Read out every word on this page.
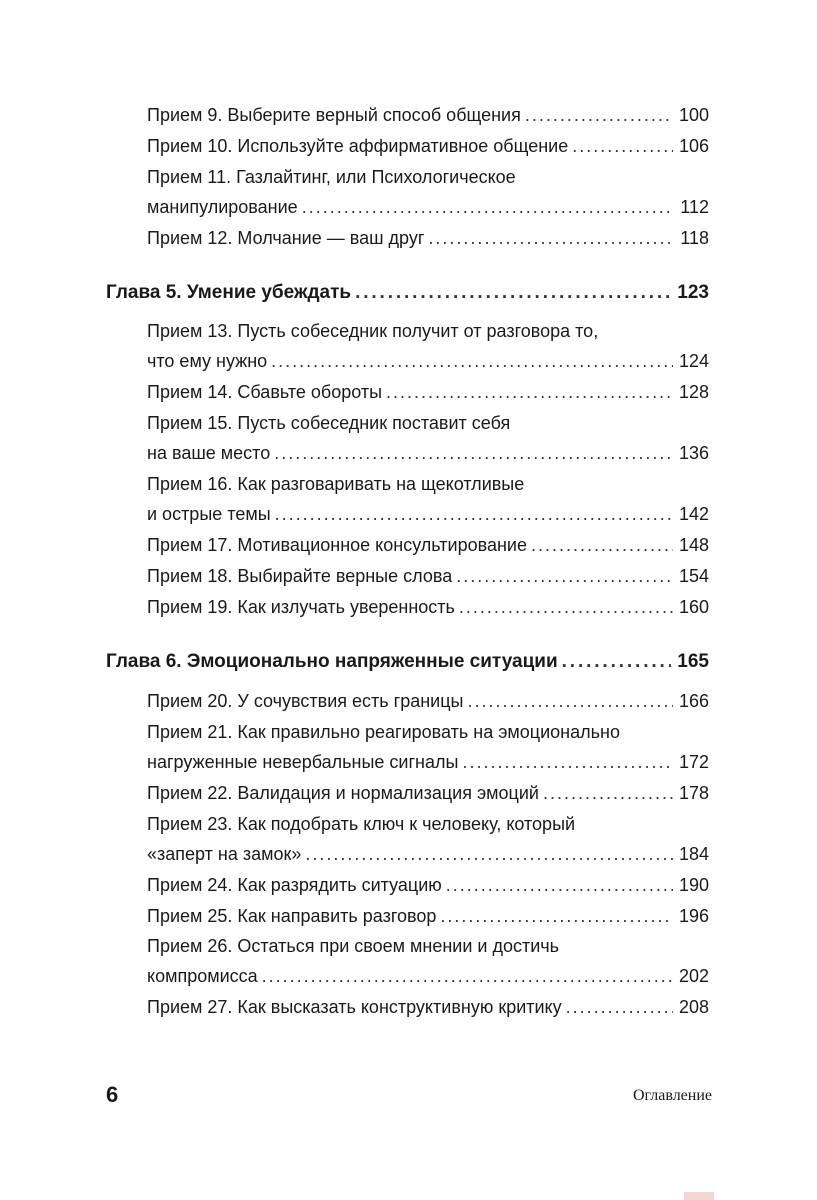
Прием 9. Выберите верный способ общения . . .	100
Прием 10. Используйте аффирмативное общение . . .	106
Прием 11. Газлайтинг, или Психологическое
манипулирование . . .	112
Прием 12. Молчание — ваш друг . . .	118
Глава 5. Умение убеждать . . .	123
Прием 13. Пусть собеседник получит от разговора то,
что ему нужно . . .	124
Прием 14. Сбавьте обороты . . .	128
Прием 15. Пусть собеседник поставит себя
на ваше место . . .	136
Прием 16. Как разговаривать на щекотливые
и острые темы . . .	142
Прием 17. Мотивационное консультирование . . .	148
Прием 18. Выбирайте верные слова . . .	154
Прием 19. Как излучать уверенность . . .	160
Глава 6. Эмоционально напряженные ситуации . . .	165
Прием 20. У сочувствия есть границы . . .	166
Прием 21. Как правильно реагировать на эмоционально
нагруженные невербальные сигналы . . .	172
Прием 22. Валидация и нормализация эмоций . . .	178
Прием 23. Как подобрать ключ к человеку, который
«заперт на замок» . . .	184
Прием 24. Как разрядить ситуацию . . .	190
Прием 25. Как направить разговор . . .	196
Прием 26. Остаться при своем мнении и достичь
компромисса . . .	202
Прием 27. Как высказать конструктивную критику . . .	208
6	Оглавление
